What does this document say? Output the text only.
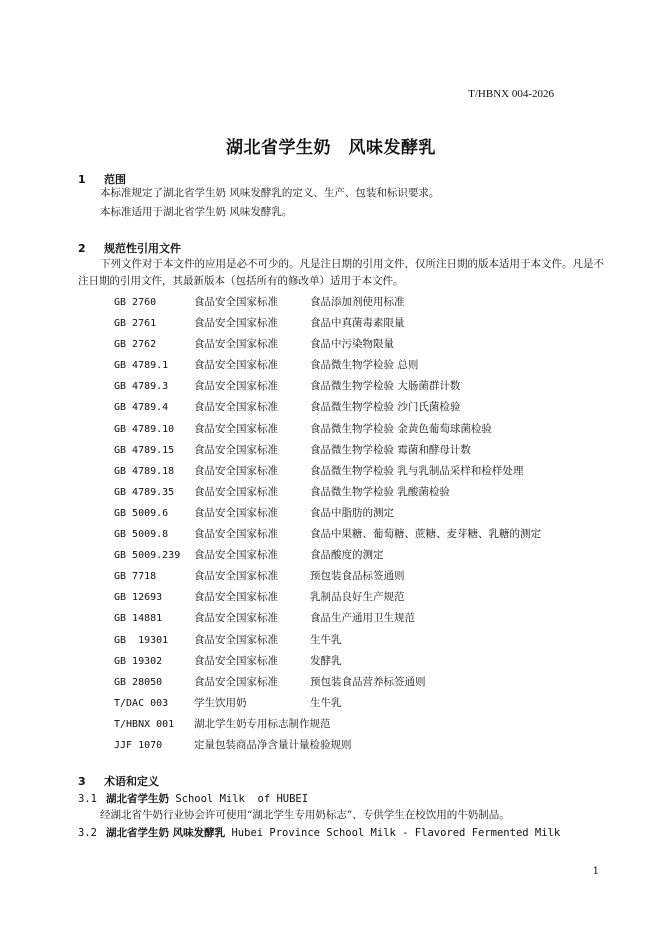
T/HBNX 004-2026
湖北省学生奶　风味发酵乳
1 范围
本标准规定了湖北省学生奶 风味发酵乳的定义、生产、包装和标识要求。
本标准适用于湖北省学生奶 风味发酵乳。
2 规范性引用文件
下列文件对于本文件的应用是必不可少的。凡是注日期的引用文件，仅所注日期的版本适用于本文件。凡是不注日期的引用文件，其最新版本（包括所有的修改单）适用于本文件。
GB 2760	食品安全国家标准	食品添加剂使用标准
GB 2761	食品安全国家标准	食品中真菌毒素限量
GB 2762	食品安全国家标准	食品中污染物限量
GB 4789.1 食品安全国家标准	食品微生物学检验 总则
GB 4789.3 食品安全国家标准	食品微生物学检验 大肠菌群计数
GB 4789.4 食品安全国家标准	食品微生物学检验 沙门氏菌检验
GB 4789.10 食品安全国家标准	食品微生物学检验 金黄色葡萄球菌检验
GB 4789.15 食品安全国家标准	食品微生物学检验 霉菌和酵母计数
GB 4789.18 食品安全国家标准	食品微生物学检验 乳与乳制品采样和检样处理
GB 4789.35 食品安全国家标准	食品微生物学检验 乳酸菌检验
GB 5009.6 食品安全国家标准	食品中脂肪的测定
GB 5009.8 食品安全国家标准	食品中果糖、葡萄糖、蔗糖、麦芽糖、乳糖的测定
GB 5009.239 食品安全国家标准	食品酸度的测定
GB 7718	食品安全国家标准	预包装食品标签通则
GB 12693	食品安全国家标准	乳制品良好生产规范
GB 14881	食品安全国家标准	食品生产通用卫生规范
GB  19301 食品安全国家标准	生牛乳
GB 19302	食品安全国家标准	发酵乳
GB 28050	食品安全国家标准	预包装食品营养标签通则
T/DAC 003 学生饮用奶	生牛乳
T/HBNX 001 湖北学生奶专用标志制作规范
JJF 1070	定量包装商品净含量计量检验规则
3 术语和定义
3.1 湖北省学生奶 School Milk  of HUBEI
经湖北省牛奶行业协会许可使用“湖北学生专用奶标志”、专供学生在校饮用的牛奶制品。
3.2 湖北省学生奶 风味发酵乳 Hubei Province School Milk - Flavored Fermented Milk
1
